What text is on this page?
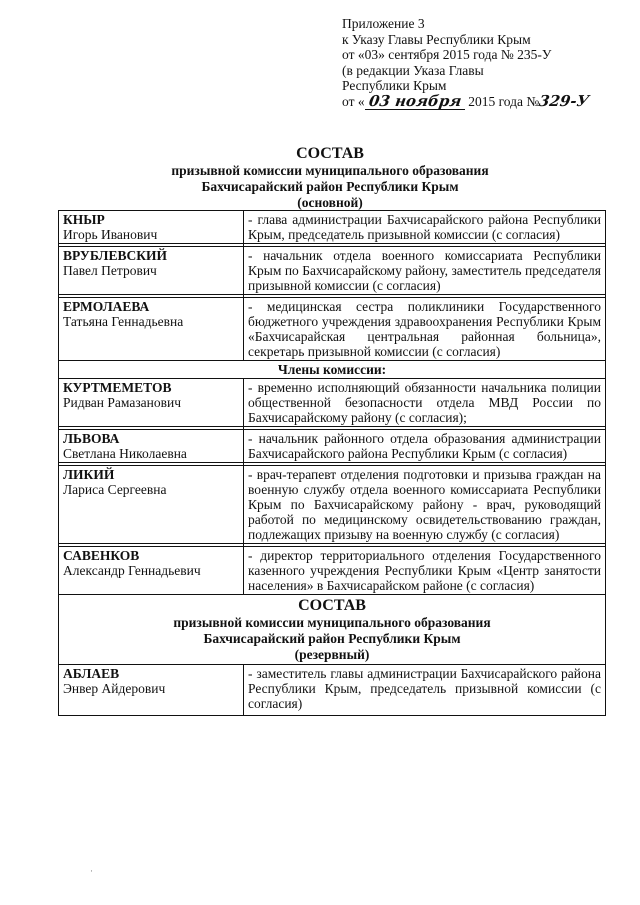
Приложение 3
к Указу Главы Республики Крым
от «03» сентября 2015 года № 235-У
(в редакции Указа Главы
Республики Крым
от « 03 ноября 2015 года №329-У
СОСТАВ
призывной комиссии муниципального образования
Бахчисарайский район Республики Крым
(основной)
КНЫР
Игорь Иванович	- глава администрации Бахчисарайского района Республики Крым, председатель призывной комиссии (с согласия)

ВРУБЛЕВСКИЙ
Павел Петрович	- начальник отдела военного комиссариата Республики Крым по Бахчисарайскому району, заместитель председателя призывной комиссии (с согласия)

ЕРМОЛАЕВА
Татьяна Геннадьевна	- медицинская сестра поликлиники Государственного бюджетного учреждения здравоохранения Республики Крым «Бахчисарайская центральная районная больница», секретарь призывной комиссии (с согласия)
Члены комиссии:	

КУРТМЕМЕТОВ
Ридван Рамазанович	- временно исполняющий обязанности начальника полиции общественной безопасности отдела МВД России по Бахчисарайскому району (с согласия);

ЛЬВОВА
Светлана Николаевна	- начальник районного отдела образования администрации Бахчисарайского района Республики Крым (с согласия)

ЛИКИЙ
Лариса Сергеевна	- врач-терапевт отделения подготовки и призыва граждан на военную службу отдела военного комиссариата Республики Крым по Бахчисарайскому району - врач, руководящий работой по медицинскому освидетельствованию граждан, подлежащих призыву на военную службу (с согласия)

САВЕНКОВ
Александр Геннадьевич	- директор территориального отделения Государственного казенного учреждения Республики Крым «Центр занятости населения» в Бахчисарайском районе (с согласия)

СОСТАВ
призывной комиссии муниципального образования
Бахчисарайский район Республики Крым
(резервный)	

АБЛАЕВ
Энвер Айдерович	- заместитель главы администрации Бахчисарайского района Республики Крым, председатель призывной комиссии (с согласия)
·
